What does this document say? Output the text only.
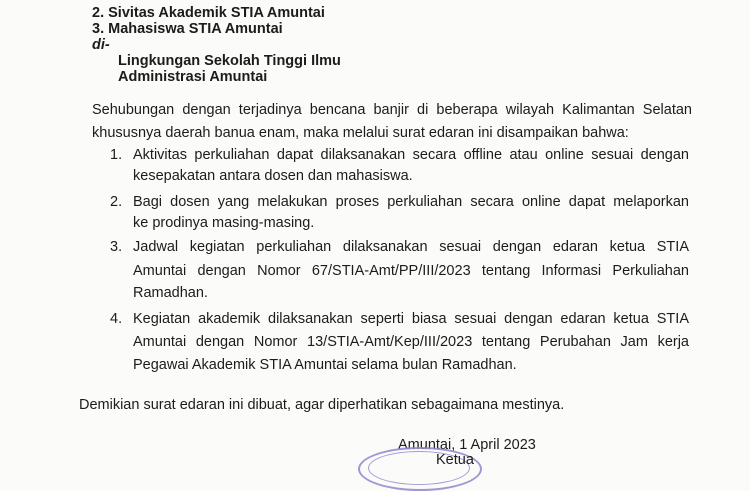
2. Sivitas Akademik STIA Amuntai
3. Mahasiswa STIA Amuntai
di-
Lingkungan Sekolah Tinggi Ilmu
Administrasi Amuntai
Sehubungan dengan terjadinya bencana banjir di beberapa wilayah Kalimantan Selatan
khususnya daerah banua enam, maka melalui surat edaran ini disampaikan bahwa:
1. Aktivitas perkuliahan dapat dilaksanakan secara offline atau online sesuai dengan
kesepakatan antara dosen dan mahasiswa.
2. Bagi dosen yang melakukan proses perkuliahan secara online dapat melaporkan
ke prodinya masing-masing.
3. Jadwal kegiatan perkuliahan dilaksanakan sesuai dengan edaran ketua STIA
Amuntai dengan Nomor 67/STIA-Amt/PP/III/2023 tentang Informasi Perkuliahan
Ramadhan.
4. Kegiatan akademik dilaksanakan seperti biasa sesuai dengan edaran ketua STIA
Amuntai dengan Nomor 13/STIA-Amt/Kep/III/2023 tentang Perubahan Jam kerja
Pegawai Akademik STIA Amuntai selama bulan Ramadhan.
Demikian surat edaran ini dibuat, agar diperhatikan sebagaimana mestinya.
Amuntai, 1 April 2023
Ketua
